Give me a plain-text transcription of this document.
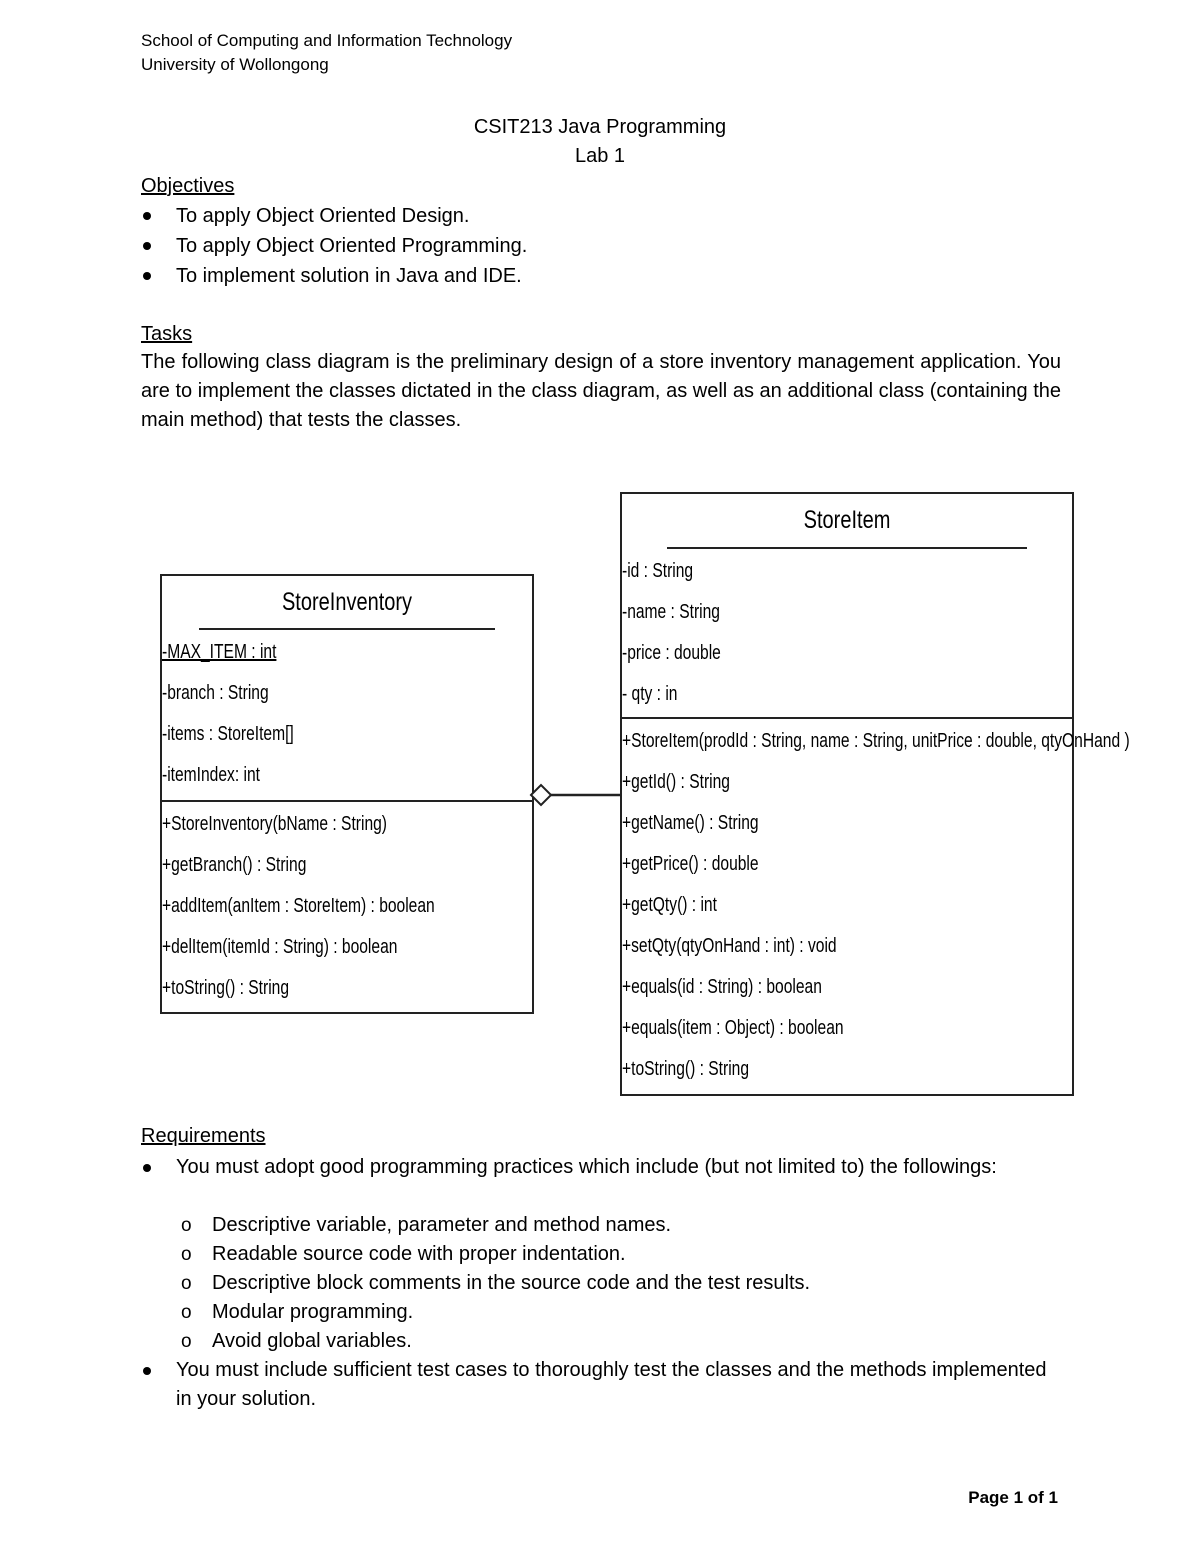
School of Computing and Information Technology
University of Wollongong
CSIT213 Java Programming
Lab 1
Objectives
To apply Object Oriented Design.
To apply Object Oriented Programming.
To implement solution in Java and IDE.
Tasks
The following class diagram is the preliminary design of a store inventory management application. You are to implement the classes dictated in the class diagram, as well as an additional class (containing the main method) that tests the classes.
StoreInventory
-MAX_ITEM : int
-branch : String
-items : StoreItem[]
-itemIndex: int
+StoreInventory(bName : String)
+getBranch() : String
+addItem(anItem : StoreItem) : boolean
+delItem(itemId : String) : boolean
+toString() : String
StoreItem
-id : String
-name : String
-price : double
- qty : in
+StoreItem(prodId : String, name : String, unitPrice : double, qtyOnHand )
+getId() : String
+getName() : String
+getPrice() : double
+getQty() : int
+setQty(qtyOnHand : int) : void
+equals(id : String) : boolean
+equals(item : Object) : boolean
+toString() : String
Requirements
You must adopt good programming practices which include (but not limited to) the followings:
o Descriptive variable, parameter and method names.
o Readable source code with proper indentation.
o Descriptive block comments in the source code and the test results.
o Modular programming.
o Avoid global variables.
You must include sufficient test cases to thoroughly test the classes and the methods implemented in your solution.
Page 1 of 1
